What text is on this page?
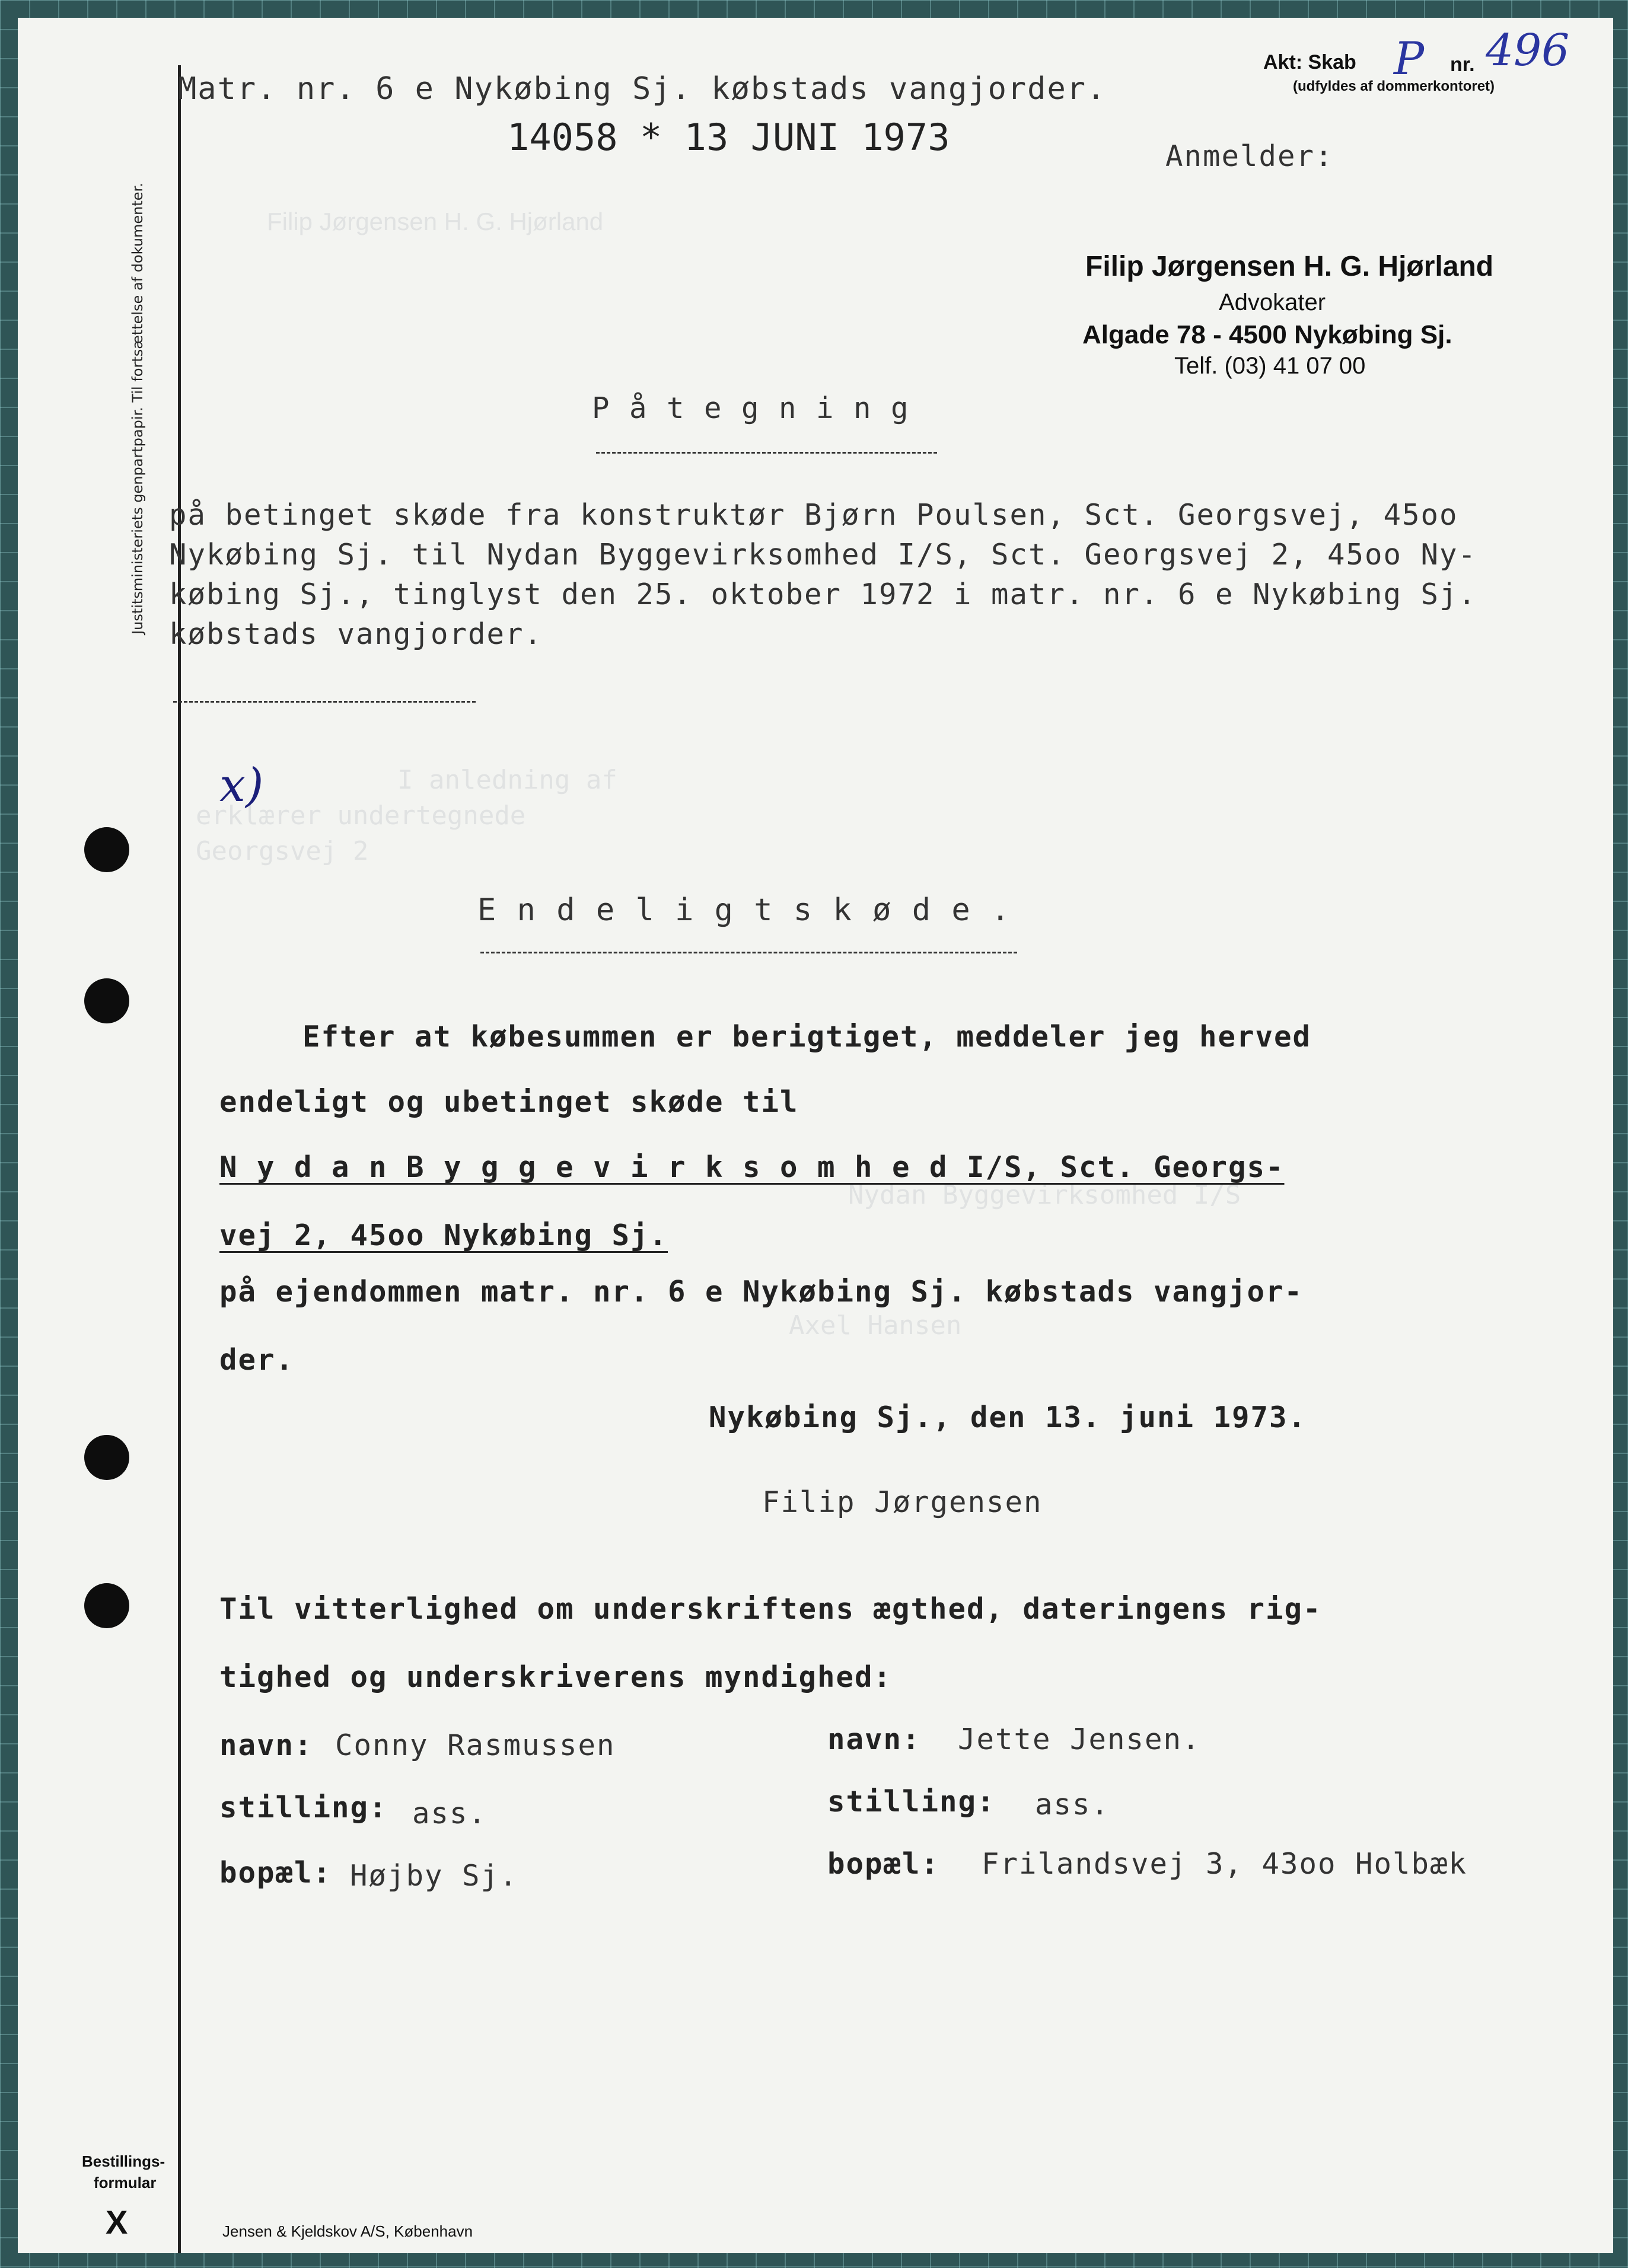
Justitsministeriets genpartpapir. Til fortsættelse af dokumenter.	Filip Jørgensen H. G. Hjørland
I anledning af
erklærer undertegnede
Georgsvej 2
Nydan Byggevirksomhed I/S
Axel Hansen
Matr. nr. 6 e Nykøbing Sj. købstads vangjorder.
14058 * 13 JUNI 1973
Akt: Skab P nr. 496
(udfyldes af dommerkontoret)
Anmelder:
Filip Jørgensen H. G. Hjørland
Advokater
Algade 78 - 4500 Nykøbing Sj.
Telf. (03) 41 07 00
P å t e g n i n g
på betinget skøde fra konstruktør Bjørn Poulsen, Sct. Georgsvej, 45oo
Nykøbing Sj. til Nydan Byggevirksomhed I/S, Sct. Georgsvej 2, 45oo Ny-
købing Sj., tinglyst den 25. oktober 1972 i matr. nr. 6 e Nykøbing Sj.
købstads vangjorder.
x)
E n d e l i g t s k ø d e .
Efter at købesummen er berigtiget, meddeler jeg herved
endeligt og ubetinget skøde til
N y d a n B y g g e v i r k s o m h e d I/S, Sct. Georgs-
vej 2, 45oo Nykøbing Sj.
på ejendommen matr. nr. 6 e Nykøbing Sj. købstads vangjor-
der.
Nykøbing Sj., den 13. juni 1973.
Filip Jørgensen
Til vitterlighed om underskriftens ægthed, dateringens rig-
tighed og underskriverens myndighed:
navn: Conny Rasmussen
stilling: ass.
bopæl: Højby Sj.
navn: Jette Jensen.
stilling: ass.
bopæl: Frilandsvej 3, 43oo Holbæk
Bestillings-
formular
X	Jensen & Kjeldskov A/S, København
